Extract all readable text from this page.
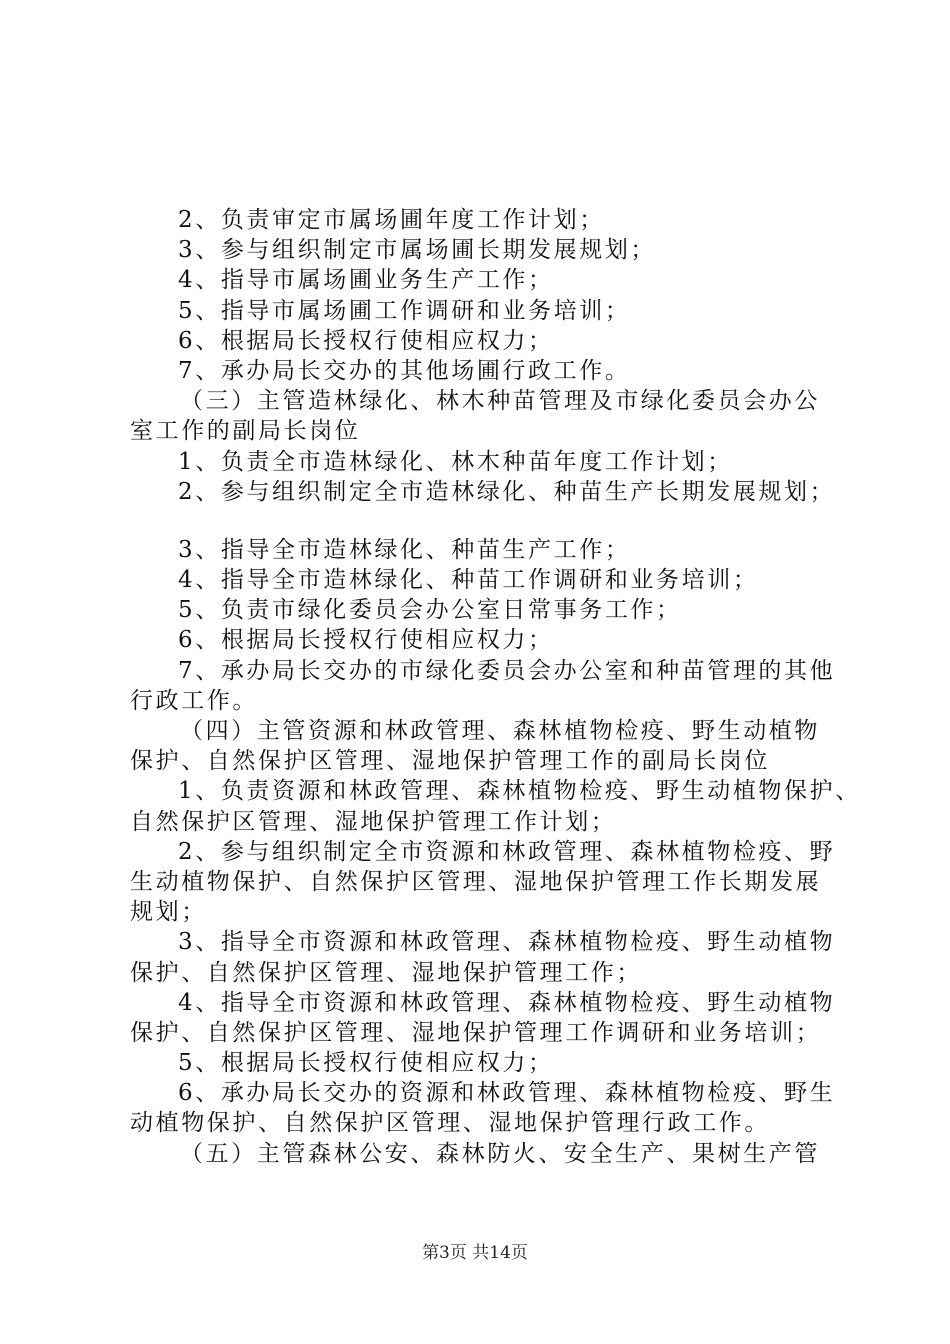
2、负责审定市属场圃年度工作计划；
3、参与组织制定市属场圃长期发展规划；
4、指导市属场圃业务生产工作；
5、指导市属场圃工作调研和业务培训；
6、根据局长授权行使相应权力；
7、承办局长交办的其他场圃行政工作。
（三）主管造林绿化、林木种苗管理及市绿化委员会办公
室工作的副局长岗位
1、负责全市造林绿化、林木种苗年度工作计划；
2、参与组织制定全市造林绿化、种苗生产长期发展规划；
3、指导全市造林绿化、种苗生产工作；
4、指导全市造林绿化、种苗工作调研和业务培训；
5、负责市绿化委员会办公室日常事务工作；
6、根据局长授权行使相应权力；
7、承办局长交办的市绿化委员会办公室和种苗管理的其他
行政工作。
（四）主管资源和林政管理、森林植物检疫、野生动植物
保护、自然保护区管理、湿地保护管理工作的副局长岗位
1、负责资源和林政管理、森林植物检疫、野生动植物保护、
自然保护区管理、湿地保护管理工作计划；
2、参与组织制定全市资源和林政管理、森林植物检疫、野
生动植物保护、自然保护区管理、湿地保护管理工作长期发展
规划；
3、指导全市资源和林政管理、森林植物检疫、野生动植物
保护、自然保护区管理、湿地保护管理工作；
4、指导全市资源和林政管理、森林植物检疫、野生动植物
保护、自然保护区管理、湿地保护管理工作调研和业务培训；
5、根据局长授权行使相应权力；
6、承办局长交办的资源和林政管理、森林植物检疫、野生
动植物保护、自然保护区管理、湿地保护管理行政工作。
（五）主管森林公安、森林防火、安全生产、果树生产管
第3页 共14页
